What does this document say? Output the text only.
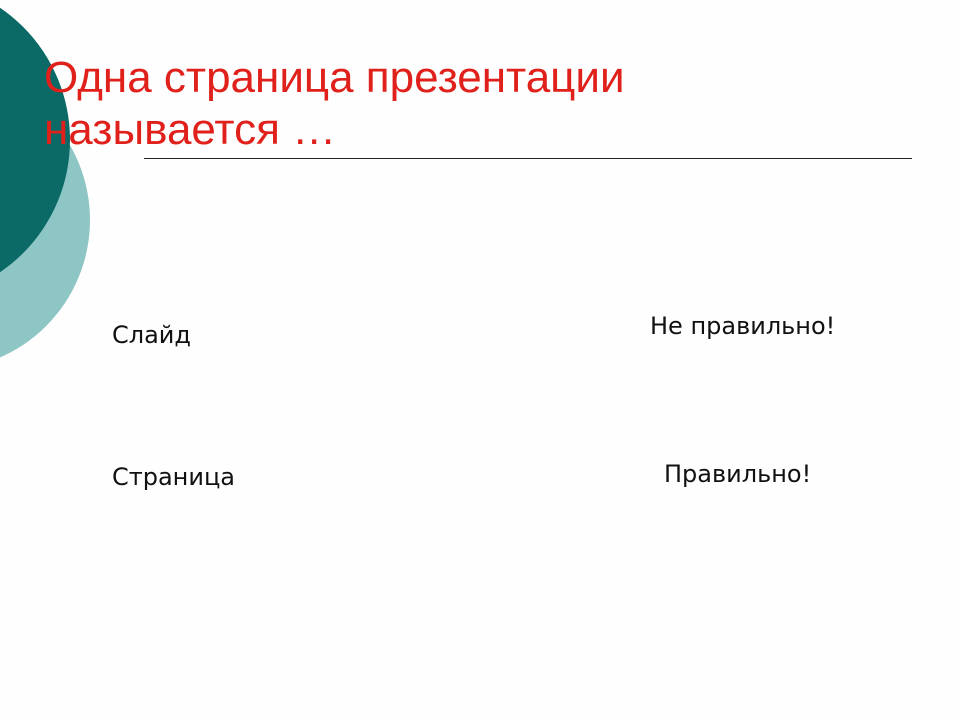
Одна страница презентации называется …
Слайд	Не правильно!
Страница	Правильно!
